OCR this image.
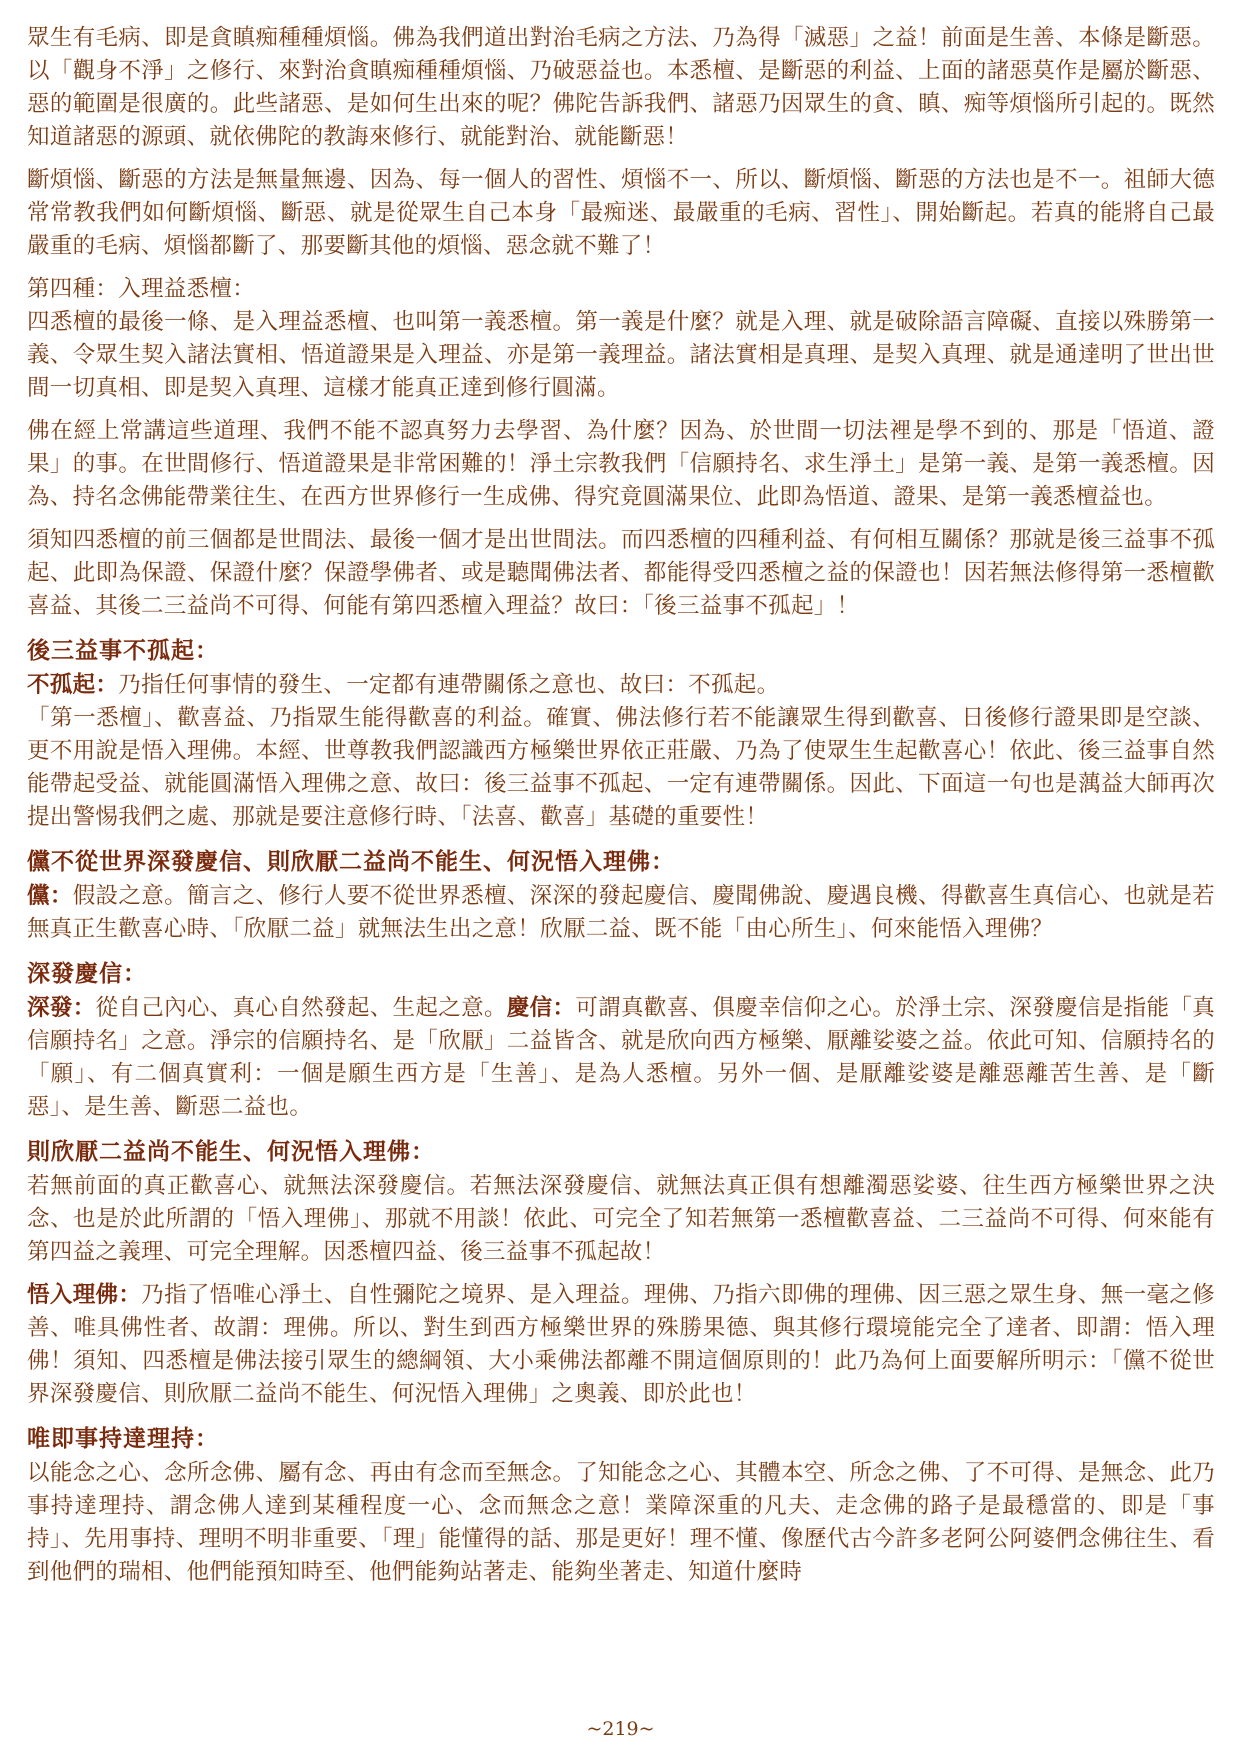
眾生有毛病、即是貪瞋痴種種煩惱。佛為我們道出對治毛病之方法、乃為得「滅惡」之益！前面是生善、本條是斷惡。以「觀身不淨」之修行、來對治貪瞋痴種種煩惱、乃破惡益也。本悉檀、是斷惡的利益、上面的諸惡莫作是屬於斷惡、惡的範圍是很廣的。此些諸惡、是如何生出來的呢？佛陀告訴我們、諸惡乃因眾生的貪、瞋、痴等煩惱所引起的。既然知道諸惡的源頭、就依佛陀的教誨來修行、就能對治、就能斷惡！

斷煩惱、斷惡的方法是無量無邊、因為、每一個人的習性、煩惱不一、所以、斷煩惱、斷惡的方法也是不一。祖師大德常常教我們如何斷煩惱、斷惡、就是從眾生自己本身「最痴迷、最嚴重的毛病、習性」、開始斷起。若真的能將自己最嚴重的毛病、煩惱都斷了、那要斷其他的煩惱、惡念就不難了！

第四種：入理益悉檀：

四悉檀的最後一條、是入理益悉檀、也叫第一義悉檀。第一義是什麼？就是入理、就是破除語言障礙、直接以殊勝第一義、令眾生契入諸法實相、悟道證果是入理益、亦是第一義理益。諸法實相是真理、是契入真理、就是通達明了世出世間一切真相、即是契入真理、這樣才能真正達到修行圓滿。

佛在經上常講這些道理、我們不能不認真努力去學習、為什麼？因為、於世間一切法裡是學不到的、那是「悟道、證果」的事。在世間修行、悟道證果是非常困難的！淨土宗教我們「信願持名、求生淨土」是第一義、是第一義悉檀。因為、持名念佛能帶業往生、在西方世界修行一生成佛、得究竟圓滿果位、此即為悟道、證果、是第一義悉檀益也。

須知四悉檀的前三個都是世間法、最後一個才是出世間法。而四悉檀的四種利益、有何相互關係？那就是後三益事不孤起、此即為保證、保證什麼？保證學佛者、或是聽聞佛法者、都能得受四悉檀之益的保證也！因若無法修得第一悉檀歡喜益、其後二三益尚不可得、何能有第四悉檀入理益？故曰：「後三益事不孤起」！

後三益事不孤起：

不孤起：乃指任何事情的發生、一定都有連帶關係之意也、故曰：不孤起。

「第一悉檀」、歡喜益、乃指眾生能得歡喜的利益。確實、佛法修行若不能讓眾生得到歡喜、日後修行證果即是空談、更不用說是悟入理佛。本經、世尊教我們認識西方極樂世界依正莊嚴、乃為了使眾生生起歡喜心！依此、後三益事自然能帶起受益、就能圓滿悟入理佛之意、故曰：後三益事不孤起、一定有連帶關係。因此、下面這一句也是蕅益大師再次提出警惕我們之處、那就是要注意修行時、「法喜、歡喜」基礎的重要性！

儻不從世界深發慶信、則欣厭二益尚不能生、何況悟入理佛：

儻：假設之意。簡言之、修行人要不從世界悉檀、深深的發起慶信、慶聞佛說、慶遇良機、得歡喜生真信心、也就是若無真正生歡喜心時、「欣厭二益」就無法生出之意！欣厭二益、既不能「由心所生」、何來能悟入理佛？

深發慶信：

深發：從自己內心、真心自然發起、生起之意。慶信：可謂真歡喜、俱慶幸信仰之心。於淨土宗、深發慶信是指能「真信願持名」之意。淨宗的信願持名、是「欣厭」二益皆含、就是欣向西方極樂、厭離娑婆之益。依此可知、信願持名的「願」、有二個真實利：一個是願生西方是「生善」、是為人悉檀。另外一個、是厭離娑婆是離惡離苦生善、是「斷惡」、是生善、斷惡二益也。

則欣厭二益尚不能生、何況悟入理佛：

若無前面的真正歡喜心、就無法深發慶信。若無法深發慶信、就無法真正俱有想離濁惡娑婆、往生西方極樂世界之決念、也是於此所謂的「悟入理佛」、那就不用談！依此、可完全了知若無第一悉檀歡喜益、二三益尚不可得、何來能有第四益之義理、可完全理解。因悉檀四益、後三益事不孤起故！

悟入理佛：乃指了悟唯心淨土、自性彌陀之境界、是入理益。理佛、乃指六即佛的理佛、因三惡之眾生身、無一毫之修善、唯具佛性者、故謂：理佛。所以、對生到西方極樂世界的殊勝果德、與其修行環境能完全了達者、即謂：悟入理佛！須知、四悉檀是佛法接引眾生的總綱領、大小乘佛法都離不開這個原則的！此乃為何上面要解所明示：「儻不從世界深發慶信、則欣厭二益尚不能生、何況悟入理佛」之奧義、即於此也！

唯即事持達理持：

以能念之心、念所念佛、屬有念、再由有念而至無念。了知能念之心、其體本空、所念之佛、了不可得、是無念、此乃事持達理持、謂念佛人達到某種程度一心、念而無念之意！業障深重的凡夫、走念佛的路子是最穩當的、即是「事持」、先用事持、理明不明非重要、「理」能懂得的話、那是更好！理不懂、像歷代古今許多老阿公阿婆們念佛往生、看到他們的瑞相、他們能預知時至、他們能夠站著走、能夠坐著走、知道什麼時

~219~
